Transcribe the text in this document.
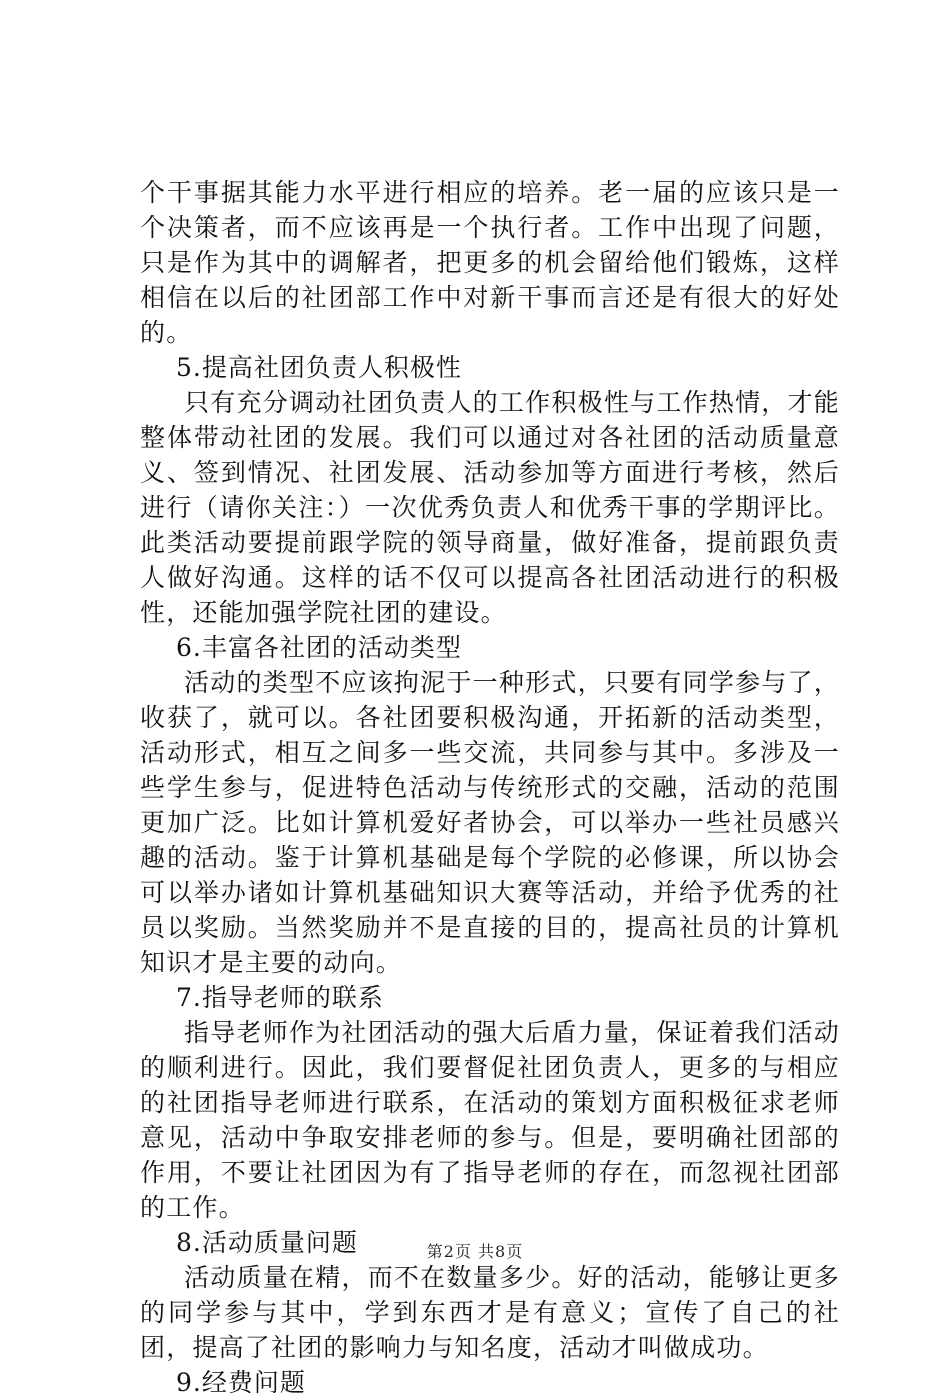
个干事据其能力水平进行相应的培养。老一届的应该只是一个决策者，而不应该再是一个执行者。工作中出现了问题，只是作为其中的调解者，把更多的机会留给他们锻炼，这样相信在以后的社团部工作中对新干事而言还是有很大的好处的。

5.提高社团负责人积极性

只有充分调动社团负责人的工作积极性与工作热情，才能整体带动社团的发展。我们可以通过对各社团的活动质量意义、签到情况、社团发展、活动参加等方面进行考核，然后进行（请你关注：）一次优秀负责人和优秀干事的学期评比。此类活动要提前跟学院的领导商量，做好准备，提前跟负责人做好沟通。这样的话不仅可以提高各社团活动进行的积极性，还能加强学院社团的建设。

6.丰富各社团的活动类型

活动的类型不应该拘泥于一种形式，只要有同学参与了，收获了，就可以。各社团要积极沟通，开拓新的活动类型，活动形式，相互之间多一些交流，共同参与其中。多涉及一些学生参与，促进特色活动与传统形式的交融，活动的范围更加广泛。比如计算机爱好者协会，可以举办一些社员感兴趣的活动。鉴于计算机基础是每个学院的必修课，所以协会可以举办诸如计算机基础知识大赛等活动，并给予优秀的社员以奖励。当然奖励并不是直接的目的，提高社员的计算机知识才是主要的动向。

7.指导老师的联系

指导老师作为社团活动的强大后盾力量，保证着我们活动的顺利进行。因此，我们要督促社团负责人，更多的与相应的社团指导老师进行联系，在活动的策划方面积极征求老师意见，活动中争取安排老师的参与。但是，要明确社团部的作用，不要让社团因为有了指导老师的存在，而忽视社团部的工作。

8.活动质量问题

活动质量在精，而不在数量多少。好的活动，能够让更多的同学参与其中，学到东西才是有意义；宣传了自己的社团，提高了社团的影响力与知名度，活动才叫做成功。

9.经费问题

第2页 共8页
